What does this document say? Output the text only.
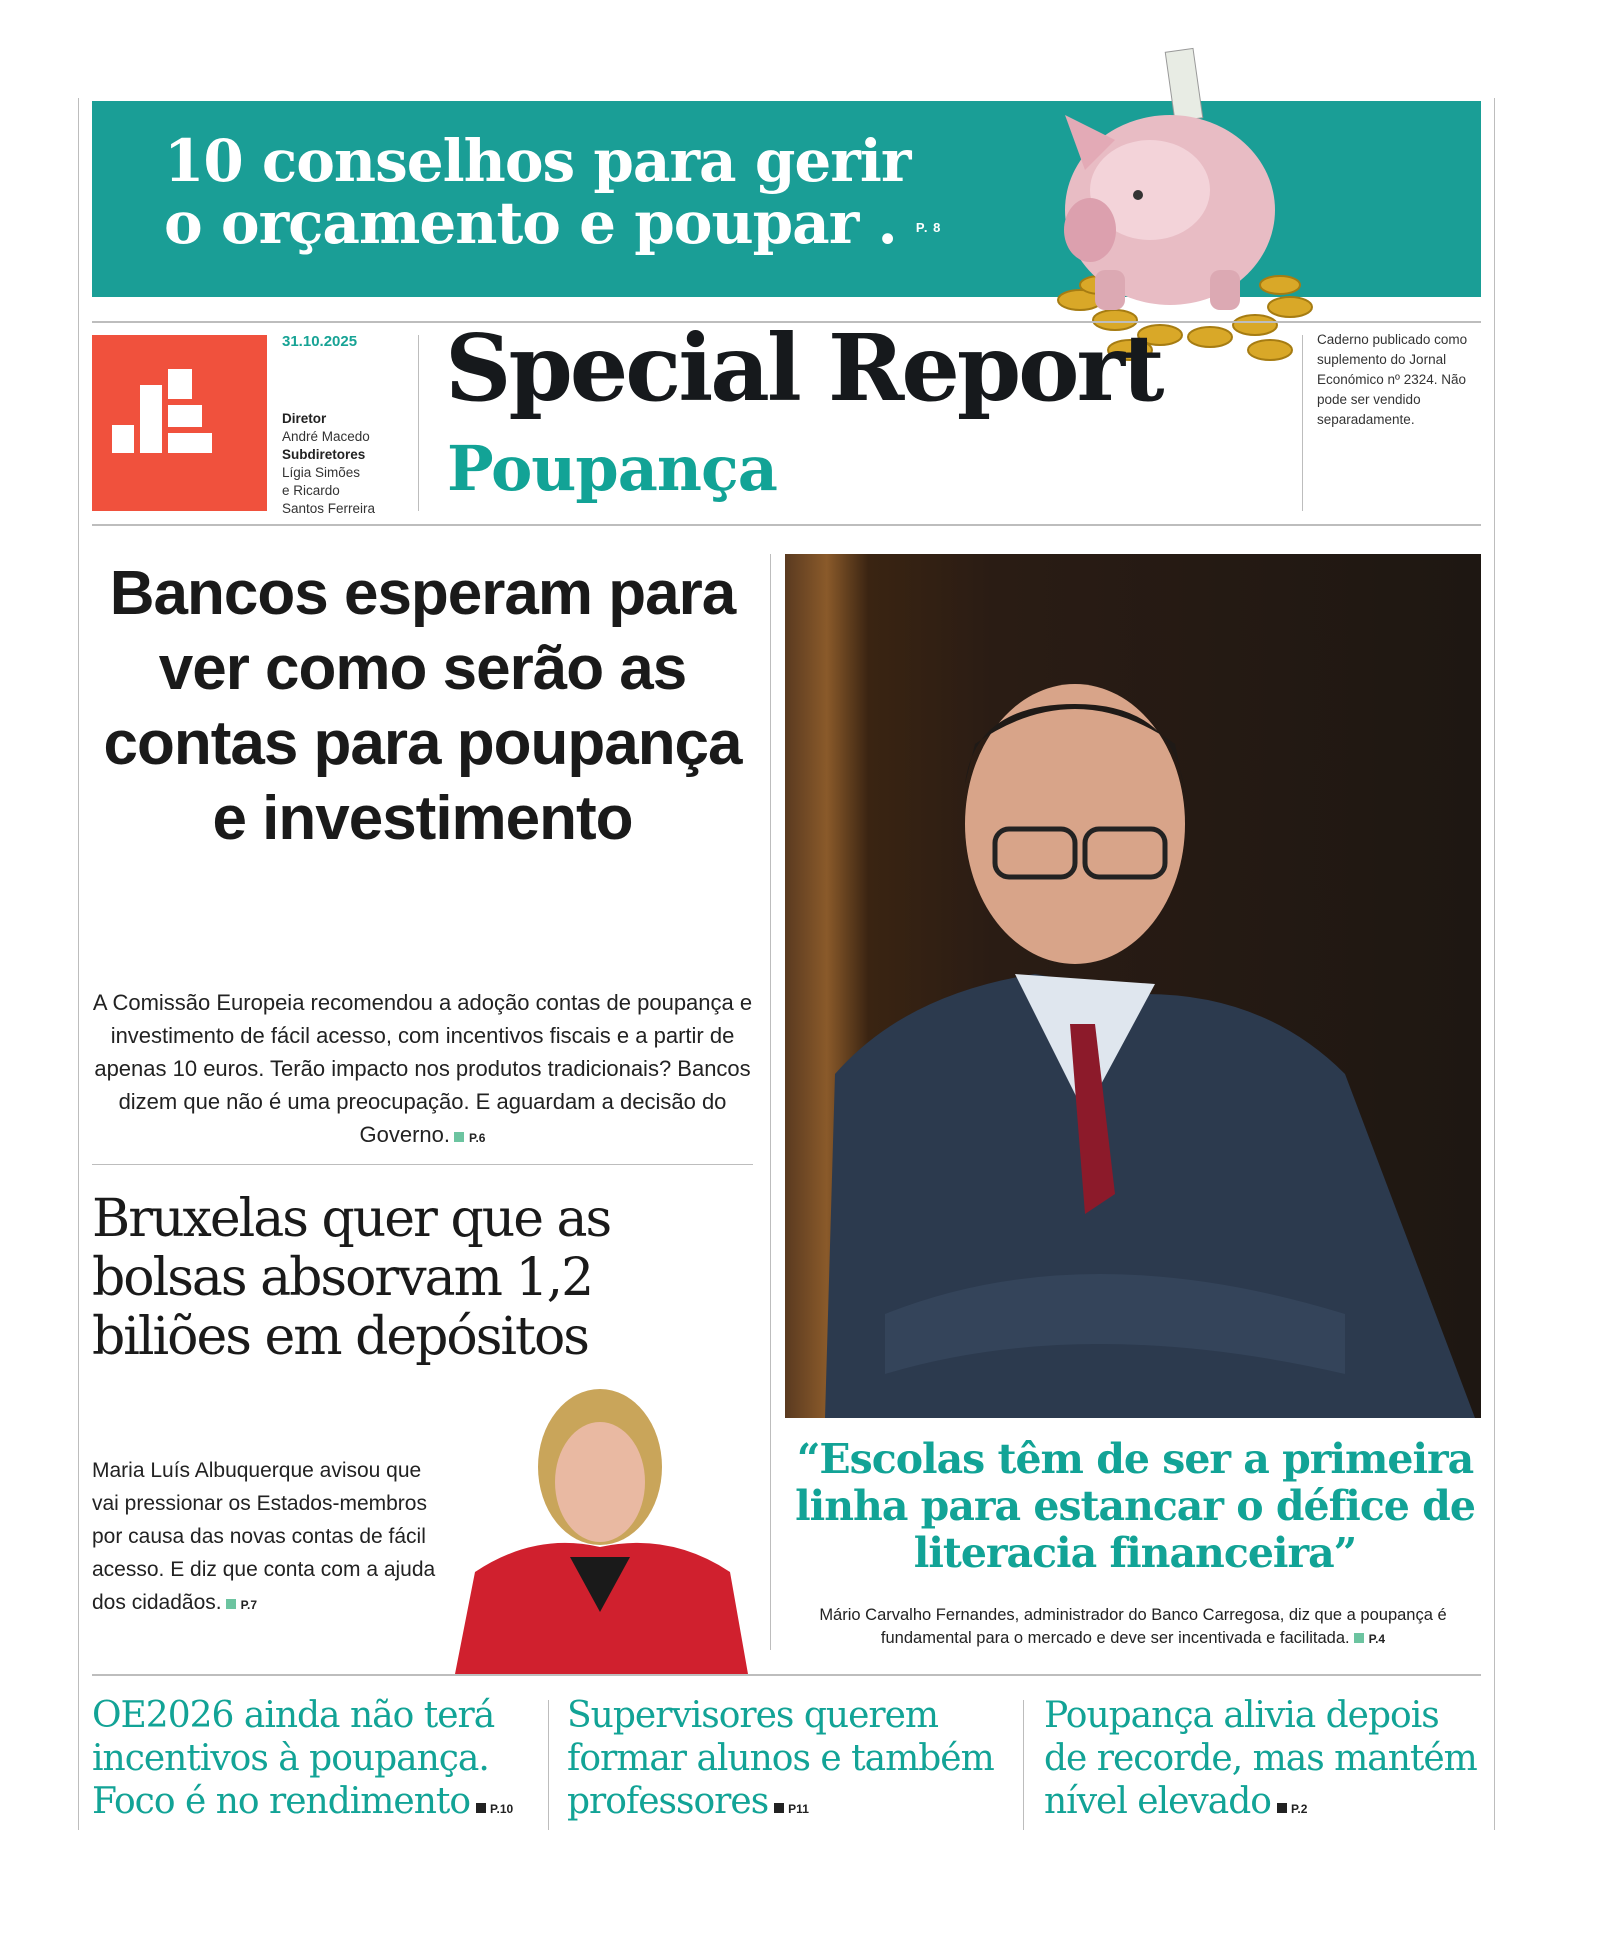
10 conselhos para gerir
o orçamento e poupar . P. 8
31.10.2025
Diretor
André Macedo
Subdiretores
Lígia Simões
e Ricardo
Santos Ferreira
Special Report
Poupança
Caderno publicado como suplemento do Jornal Económico nº 2324. Não pode ser vendido separadamente.
Bancos esperam para ver como serão as contas para poupança e investimento
A Comissão Europeia recomendou a adoção contas de poupança e investimento de fácil acesso, com incentivos fiscais e a partir de apenas 10 euros. Terão impacto nos produtos tradicionais? Bancos dizem que não é uma preocupação. E aguardam a decisão do Governo. P.6
Bruxelas quer que as bolsas absorvam 1,2 biliões em depósitos
Maria Luís Albuquerque avisou que vai pressionar os Estados-membros por causa das novas contas de fácil acesso. E diz que conta com a ajuda dos cidadãos. P.7
“Escolas têm de ser a primeira linha para estancar o défice de literacia financeira”
Mário Carvalho Fernandes, administrador do Banco Carregosa, diz que a poupança é fundamental para o mercado e deve ser incentivada e facilitada. P.4
OE2026 ainda não terá incentivos à poupança. Foco é no rendimento P.10
Supervisores querem formar alunos e também professores P11
Poupança alivia depois de recorde, mas mantém nível elevado P.2
